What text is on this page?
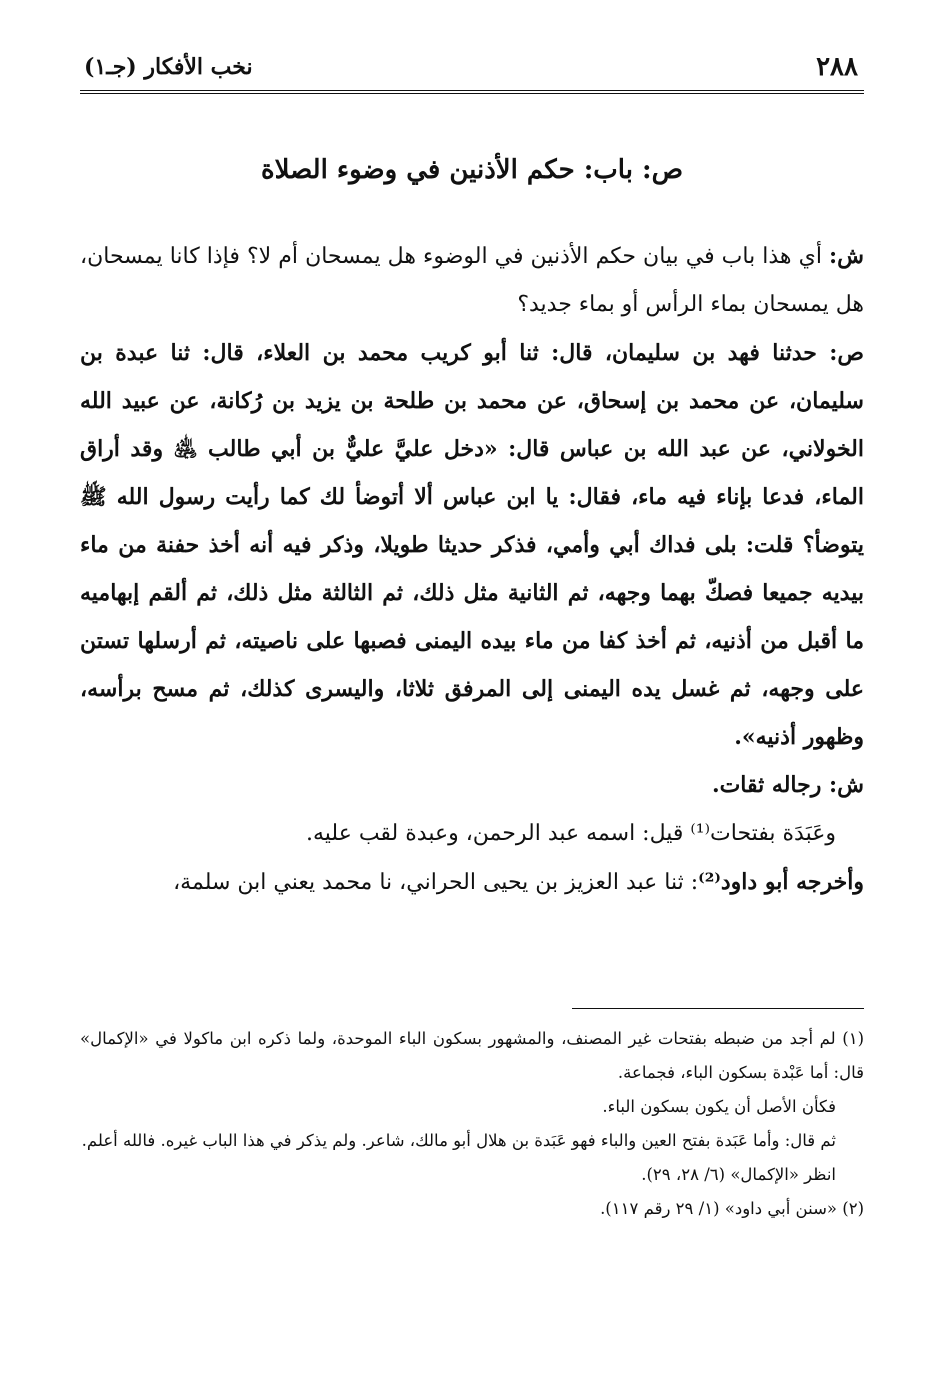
٢٨٨
نخب الأفكار (جـ١)
ص: باب: حكم الأذنين في وضوء الصلاة

ش: أي هذا باب في بيان حكم الأذنين في الوضوء هل يمسحان أم لا؟ فإذا كانا يمسحان، هل يمسحان بماء الرأس أو بماء جديد؟

ص: حدثنا فهد بن سليمان، قال: ثنا أبو كريب محمد بن العلاء، قال: ثنا عبدة بن سليمان، عن محمد بن إسحاق، عن محمد بن طلحة بن يزيد بن رُكانة، عن عبيد الله الخولاني، عن عبد الله بن عباس قال: «دخل عليَّ عليٌّ بن أبي طالب ﵁ وقد أراق الماء، فدعا بإناء فيه ماء، فقال: يا ابن عباس ألا أتوضأ لك كما رأيت رسول الله ﷺ يتوضأ؟ قلت: بلى فداك أبي وأمي، فذكر حديثا طويلا، وذكر فيه أنه أخذ حفنة من ماء بيديه جميعا فصكّ بهما وجهه، ثم الثانية مثل ذلك، ثم الثالثة مثل ذلك، ثم ألقم إبهاميه ما أقبل من أذنيه، ثم أخذ كفا من ماء بيده اليمنى فصبها على ناصيته، ثم أرسلها تستن على وجهه، ثم غسل يده اليمنى إلى المرفق ثلاثا، واليسرى كذلك، ثم مسح برأسه، وظهور أذنيه».

ش: رجاله ثقات.

وعَبَدَة بفتحات⁽¹⁾ قيل: اسمه عبد الرحمن، وعبدة لقب عليه.

وأخرجه أبو داود⁽²⁾: ثنا عبد العزيز بن يحيى الحراني، نا محمد يعني ابن سلمة،

(١) لم أجد من ضبطه بفتحات غير المصنف، والمشهور بسكون الباء الموحدة، ولما ذكره ابن ماكولا في «الإكمال» قال: أما عَبْدة بسكون الباء، فجماعة.

فكأن الأصل أن يكون بسكون الباء.

ثم قال: وأما عَبَدة بفتح العين والباء فهو عَبَدة بن هلال أبو مالك، شاعر. ولم يذكر في هذا الباب غيره. فالله أعلم.

انظر «الإكمال» (٦/ ٢٨، ٢٩).

(٢) «سنن أبي داود» (١/ ٢٩ رقم ١١٧).
